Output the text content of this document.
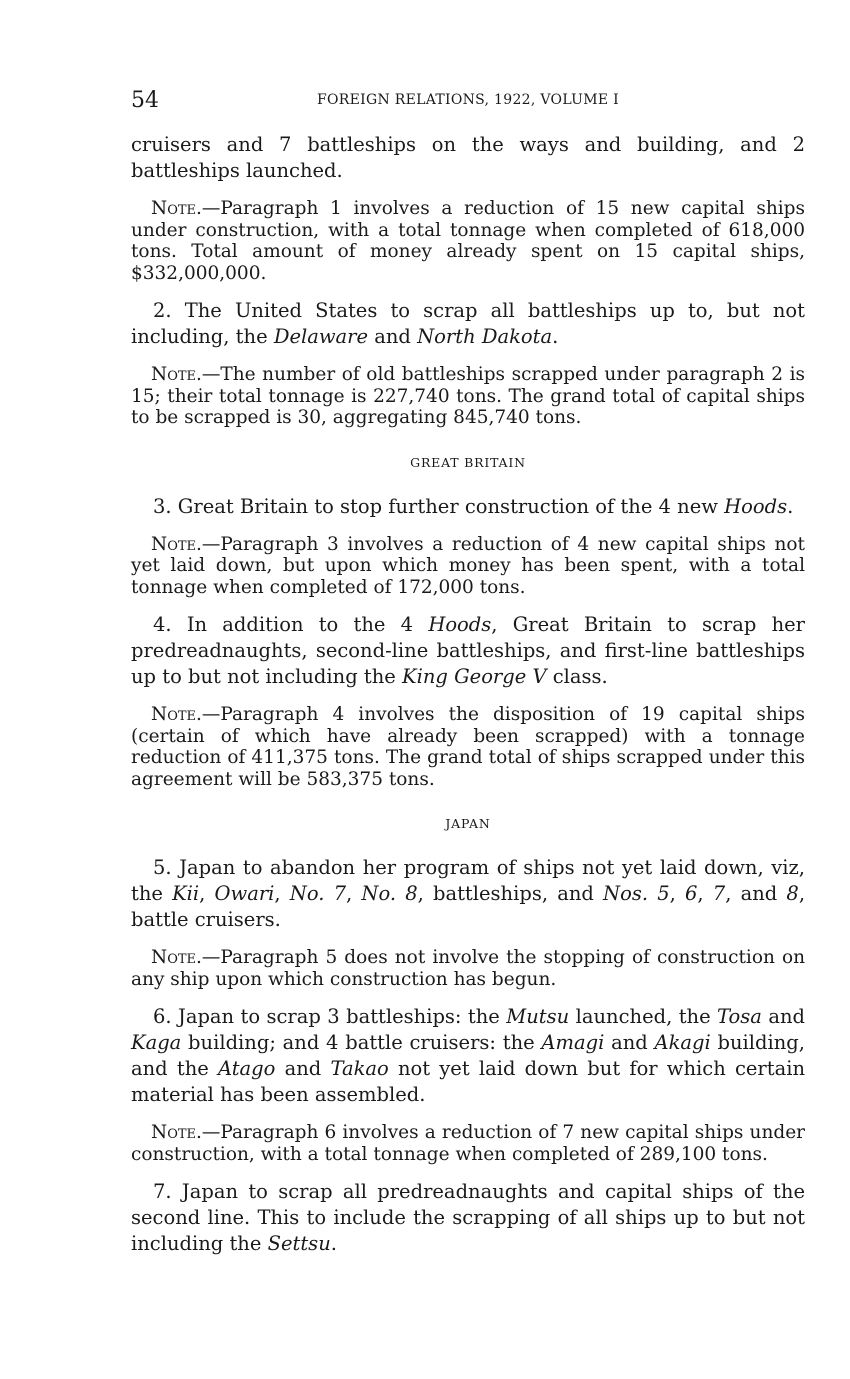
54	FOREIGN RELATIONS, 1922, VOLUME I

cruisers and 7 battleships on the ways and building, and 2 battleships launched.

Note.—Paragraph 1 involves a reduction of 15 new capital ships under construction, with a total tonnage when completed of 618,000 tons. Total amount of money already spent on 15 capital ships, $332,000,000.

2. The United States to scrap all battleships up to, but not including, the Delaware and North Dakota.

Note.—The number of old battleships scrapped under paragraph 2 is 15; their total tonnage is 227,740 tons. The grand total of capital ships to be scrapped is 30, aggregating 845,740 tons.

GREAT BRITAIN

3. Great Britain to stop further construction of the 4 new Hoods.

Note.—Paragraph 3 involves a reduction of 4 new capital ships not yet laid down, but upon which money has been spent, with a total tonnage when completed of 172,000 tons.

4. In addition to the 4 Hoods, Great Britain to scrap her predreadnaughts, second-line battleships, and first-line battleships up to but not including the King George V class.

Note.—Paragraph 4 involves the disposition of 19 capital ships (certain of which have already been scrapped) with a tonnage reduction of 411,375 tons. The grand total of ships scrapped under this agreement will be 583,375 tons.

JAPAN

5. Japan to abandon her program of ships not yet laid down, viz, the Kii, Owari, No. 7, No. 8, battleships, and Nos. 5, 6, 7, and 8, battle cruisers.

Note.—Paragraph 5 does not involve the stopping of construction on any ship upon which construction has begun.

6. Japan to scrap 3 battleships: the Mutsu launched, the Tosa and Kaga building; and 4 battle cruisers: the Amagi and Akagi building, and the Atago and Takao not yet laid down but for which certain material has been assembled.

Note.—Paragraph 6 involves a reduction of 7 new capital ships under construction, with a total tonnage when completed of 289,100 tons.

7. Japan to scrap all predreadnaughts and capital ships of the second line. This to include the scrapping of all ships up to but not including the Settsu.
